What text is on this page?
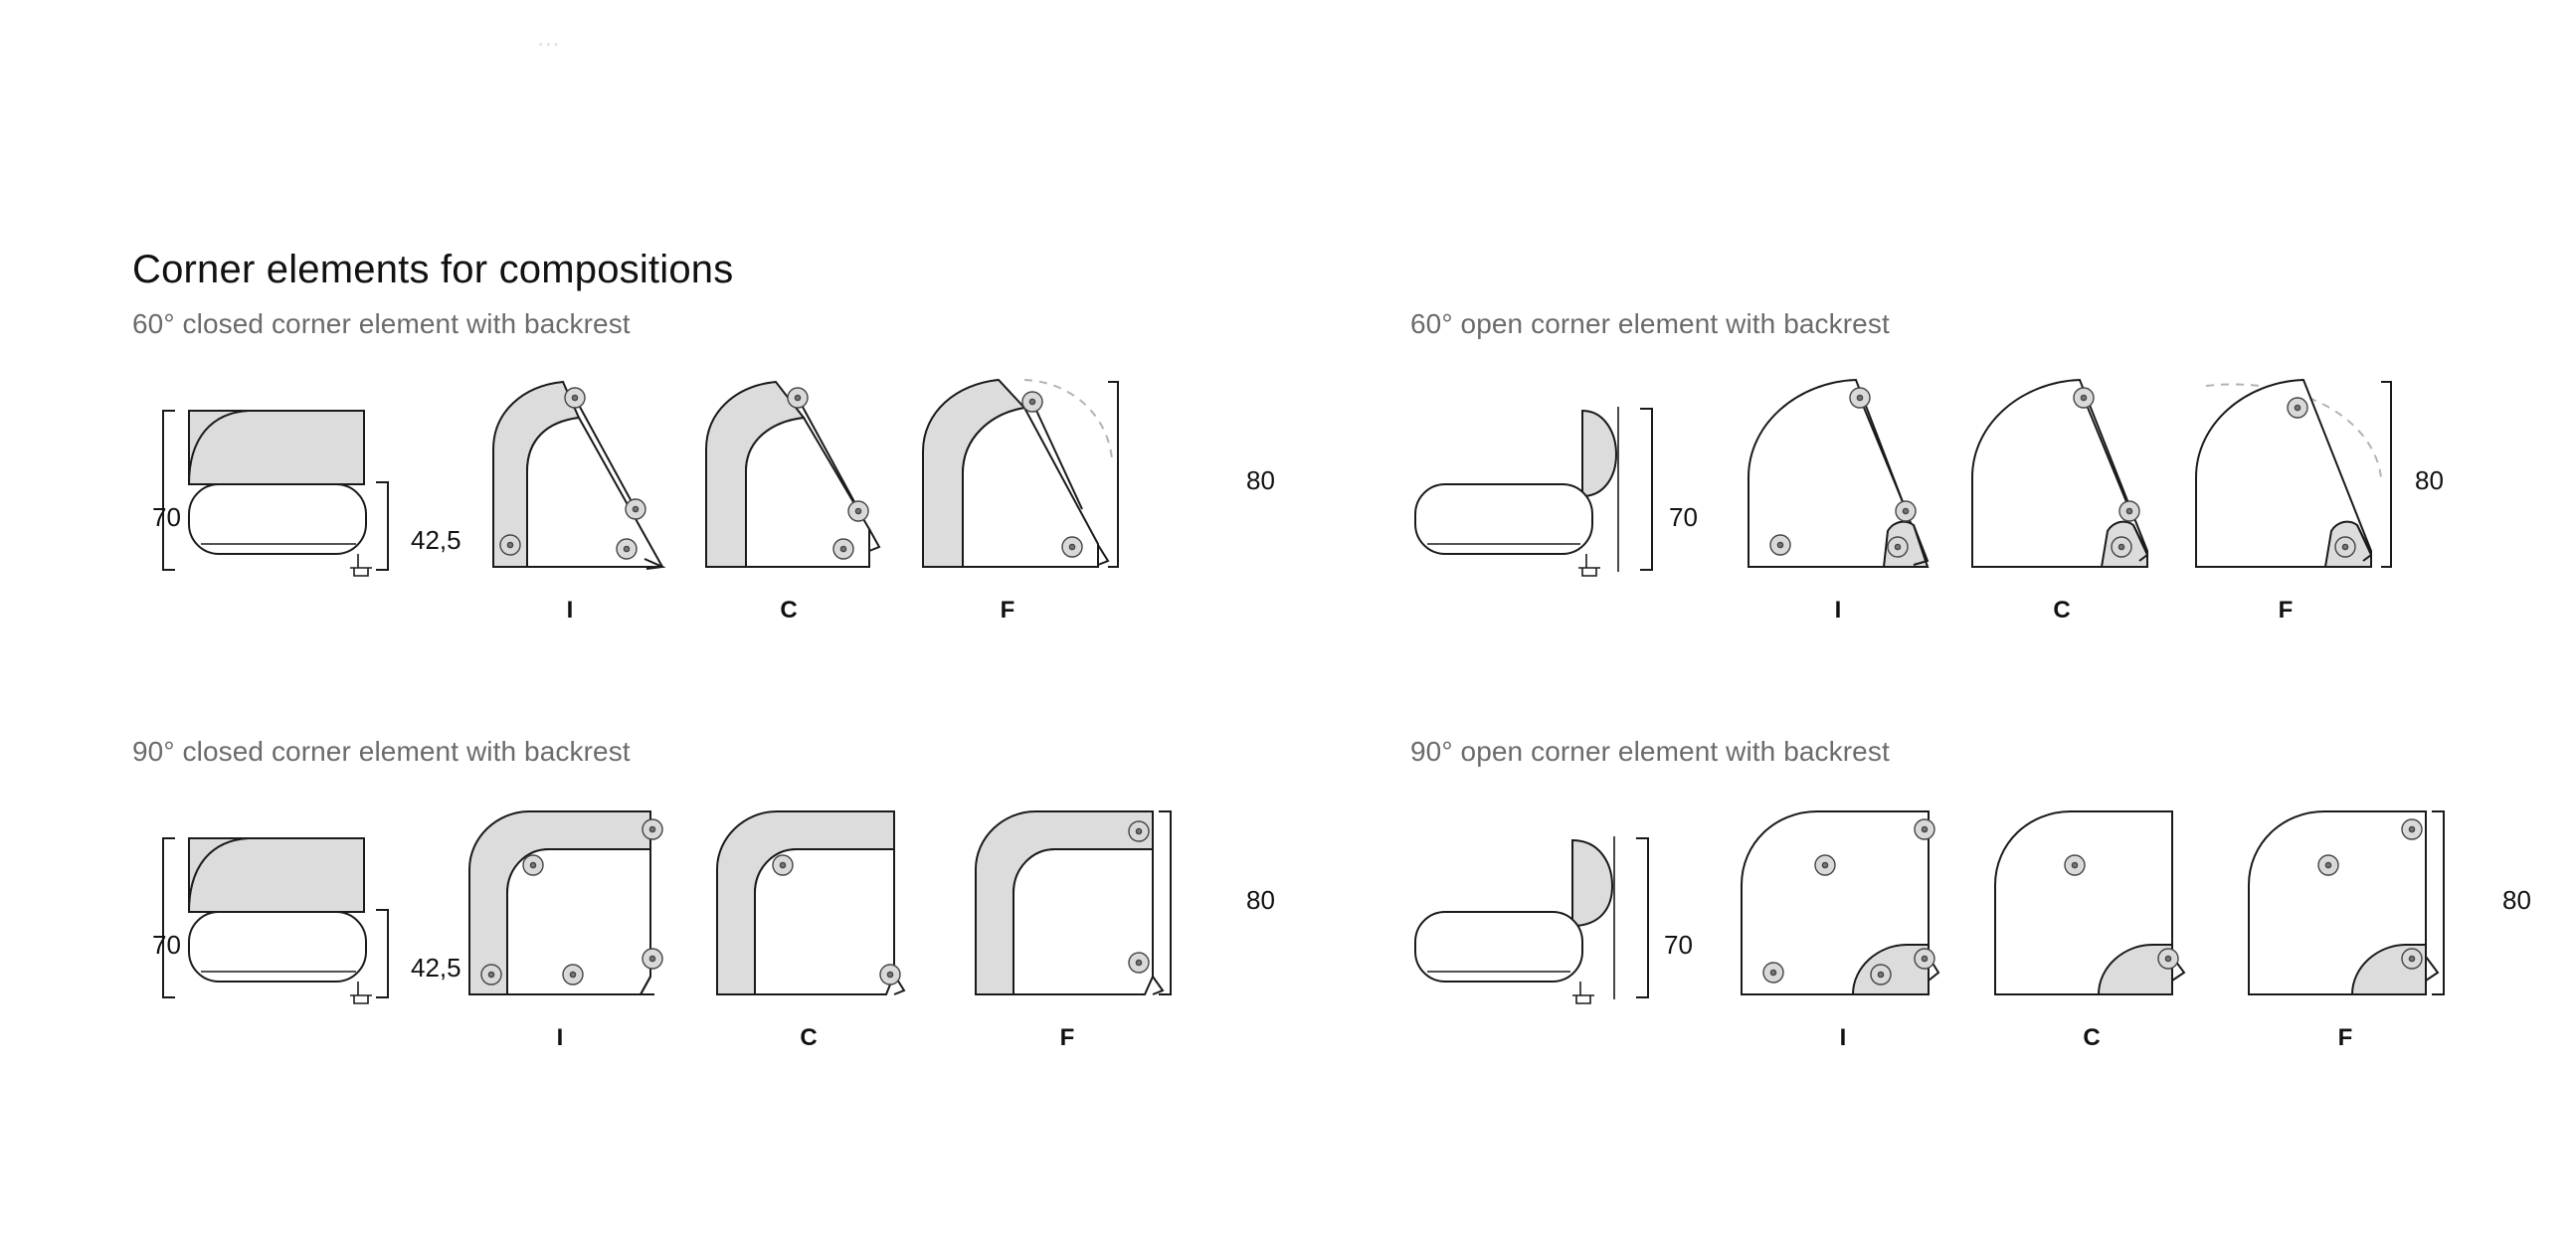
...
Corner elements for compositions
60° closed corner element with backrest
70
42,5
I	C	F
80
60° open corner element with backrest
70
I	C	F
80
90° closed corner element with backrest
70
42,5
I	C	F
80
90° open corner element with backrest
70
I	C	F
80
